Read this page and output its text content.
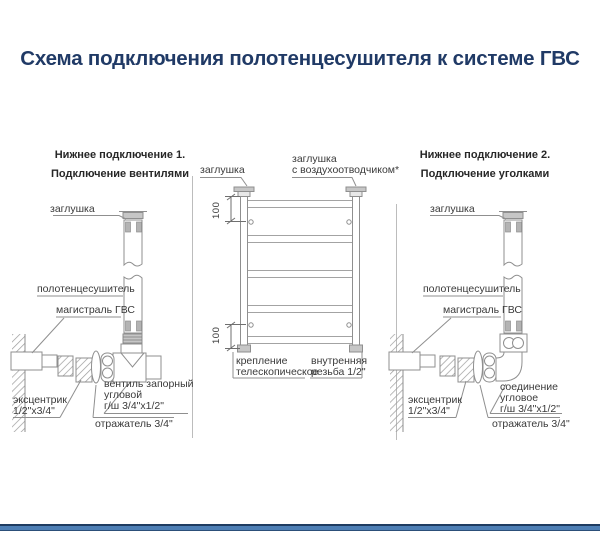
Схема подключения полотенцесушителя к системе ГВС
Нижнее подключение 1.
Подключение вентилями
Нижнее подключение 2.
Подключение уголками
заглушка
полотенцесушитель
магистраль ГВС
вентиль запорный
угловой
г/ш 3/4"x1/2"
эксцентрик
1/2"x3/4"
отражатель 3/4"
заглушка
заглушка
с воздухоотводчиком*
100
100
крепление
телескопическое
внутренняя
резьба 1/2"
заглушка
полотенцесушитель
магистраль ГВС
соединение
угловое
г/ш 3/4"x1/2"
эксцентрик
1/2"x3/4"
отражатель 3/4"
